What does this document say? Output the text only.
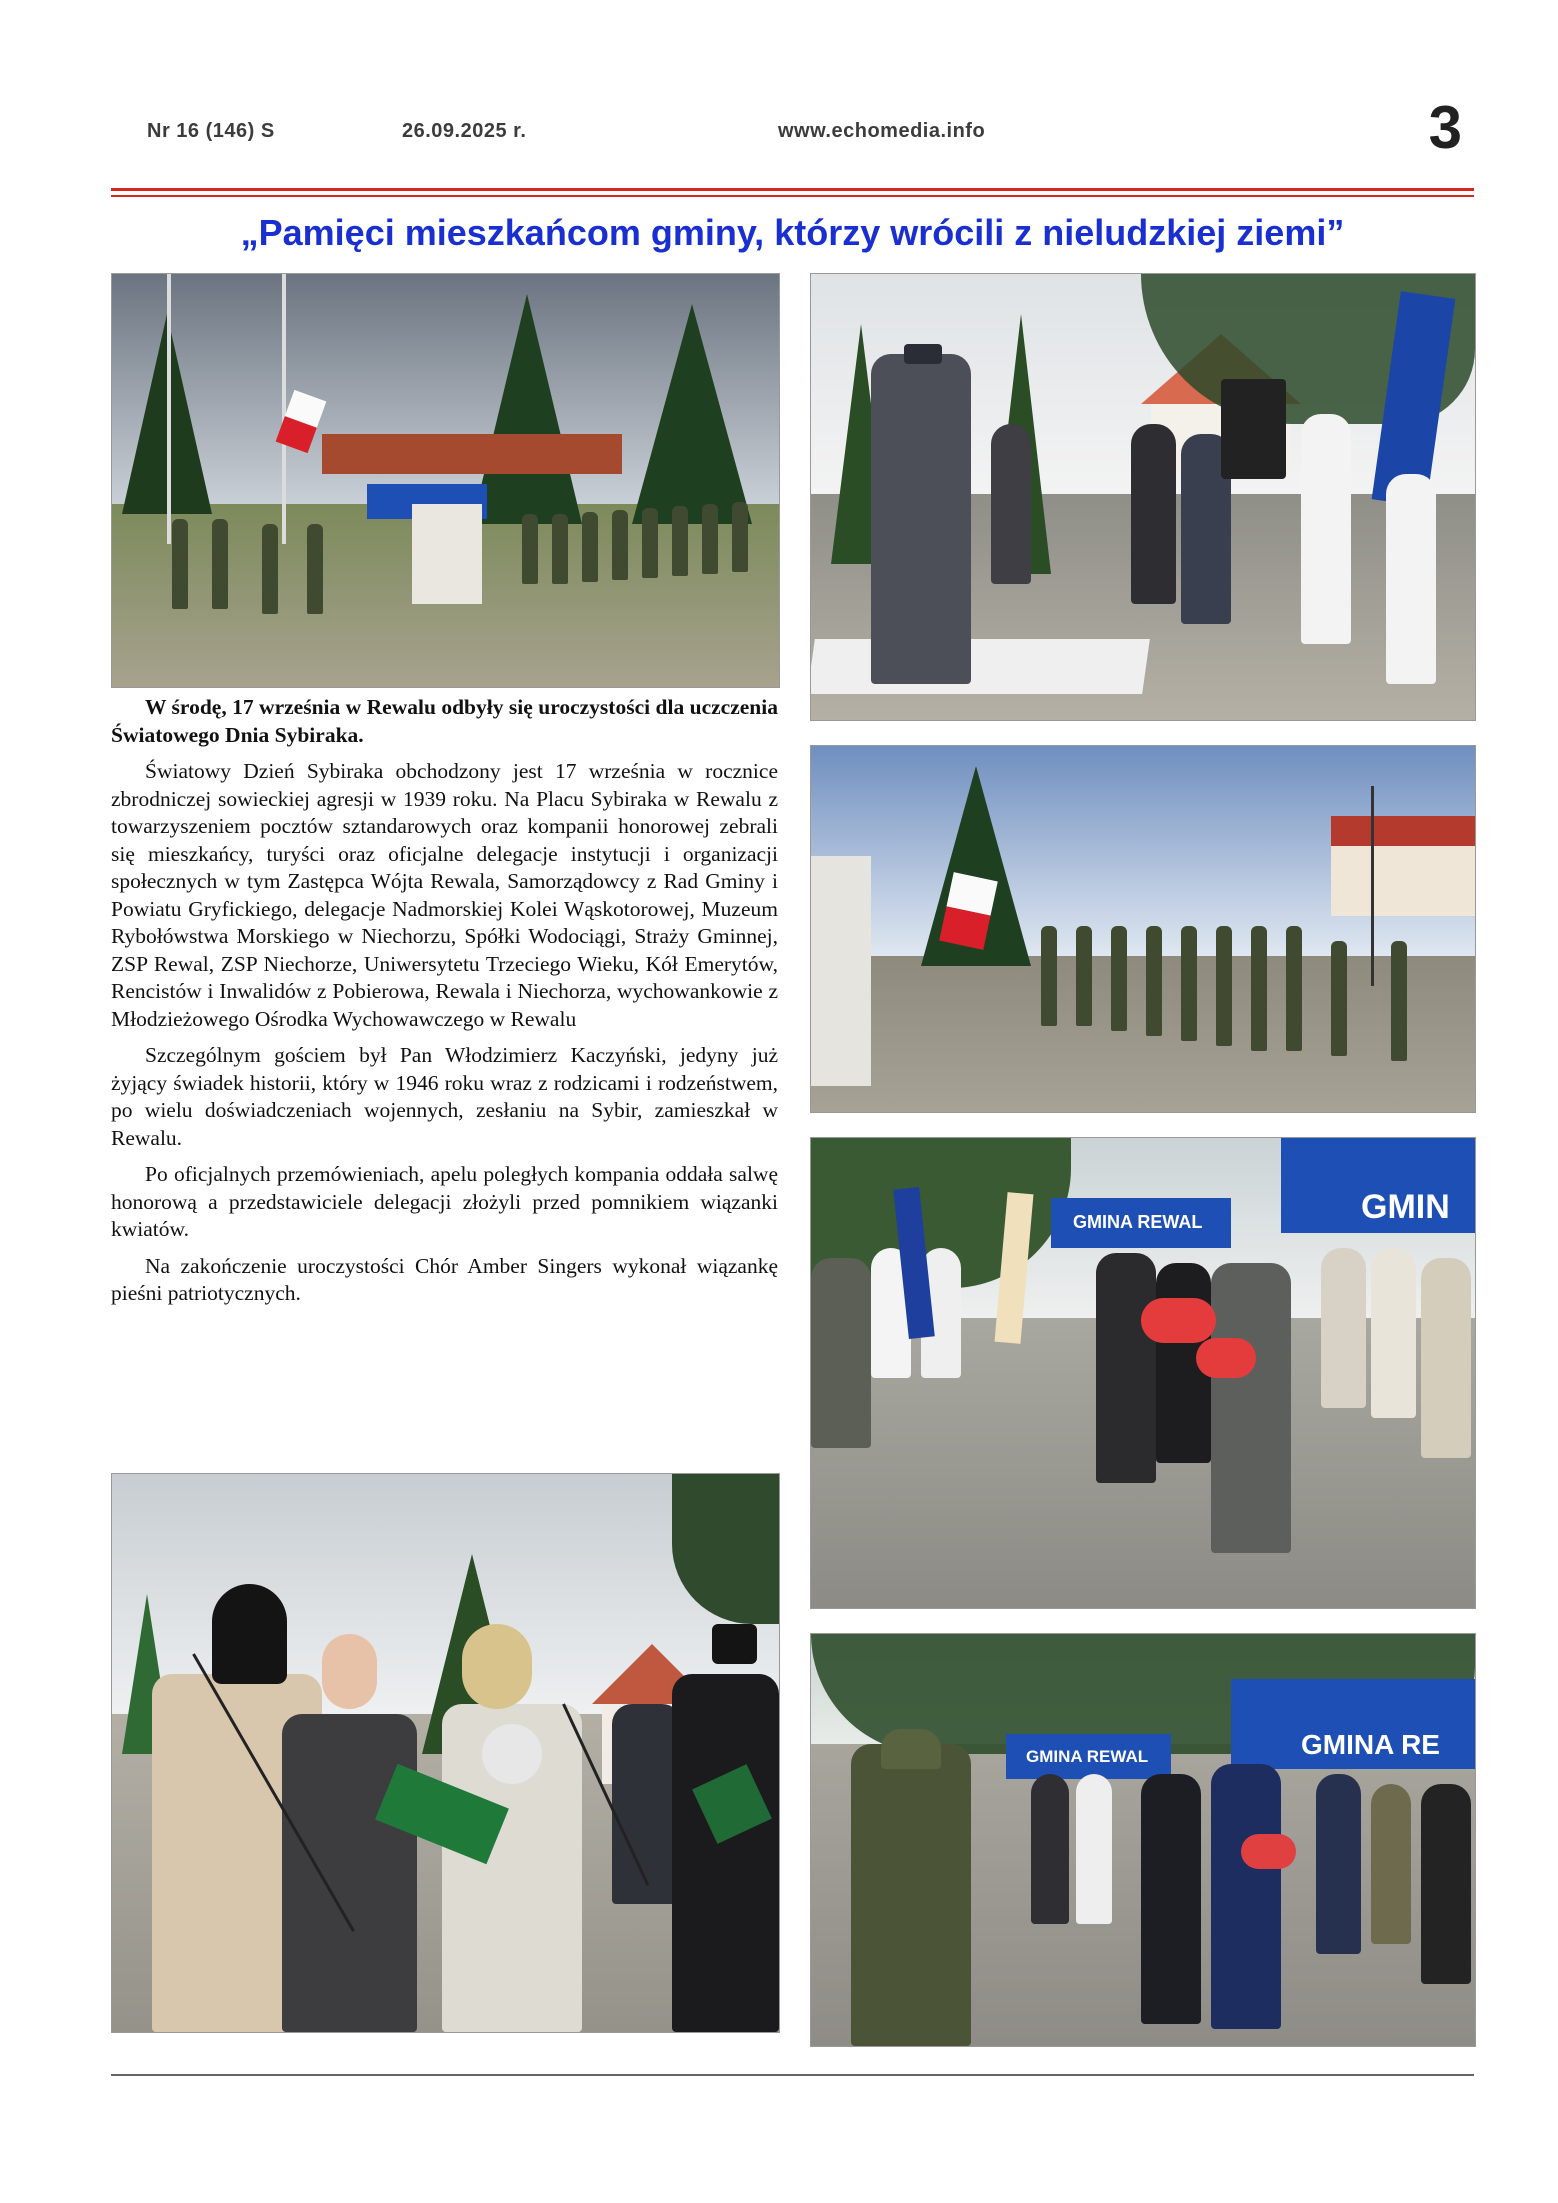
Nr 16 (146) S	26.09.2025 r.	www.echomedia.info	3
„Pamięci mieszkańcom gminy, którzy wrócili z nieludzkiej ziemi”
GMINA REWAL	GMIN
GMINA REWAL	GMINA RE

W środę, 17 września w Rewalu odbyły się uroczystości dla uczczenia Światowego Dnia Sybiraka.

Światowy Dzień Sybiraka obchodzony jest 17 września w rocznice zbrodniczej sowieckiej agresji w 1939 roku. Na Placu Sybiraka w Rewalu z towarzyszeniem pocztów sztandarowych oraz kompanii honorowej zebrali się mieszkańcy, turyści oraz oficjalne delegacje instytucji i organizacji społecznych w tym Zastępca Wójta Rewala, Samorządowcy z Rad Gminy i Powiatu Gryfickiego, delegacje Nadmorskiej Kolei Wąskotorowej, Muzeum Rybołówstwa Morskiego w Niechorzu, Spółki Wodociągi, Straży Gminnej, ZSP Rewal, ZSP Niechorze, Uniwersytetu Trzeciego Wieku, Kół Emerytów, Rencistów i Inwalidów z Pobierowa, Rewala i Niechorza, wychowankowie z Młodzieżowego Ośrodka Wychowawczego w Rewalu

Szczególnym gościem był Pan Włodzimierz Kaczyński, jedyny już żyjący świadek historii, który w 1946 roku wraz z rodzicami i rodzeństwem, po wielu doświadczeniach wojennych, zesłaniu na Sybir, zamieszkał w Rewalu.

Po oficjalnych przemówieniach, apelu poległych kompania oddała salwę honorową a przedstawiciele delegacji złożyli przed pomnikiem wiązanki kwiatów.

Na zakończenie uroczystości Chór Amber Singers wykonał wiązankę pieśni patriotycznych.
